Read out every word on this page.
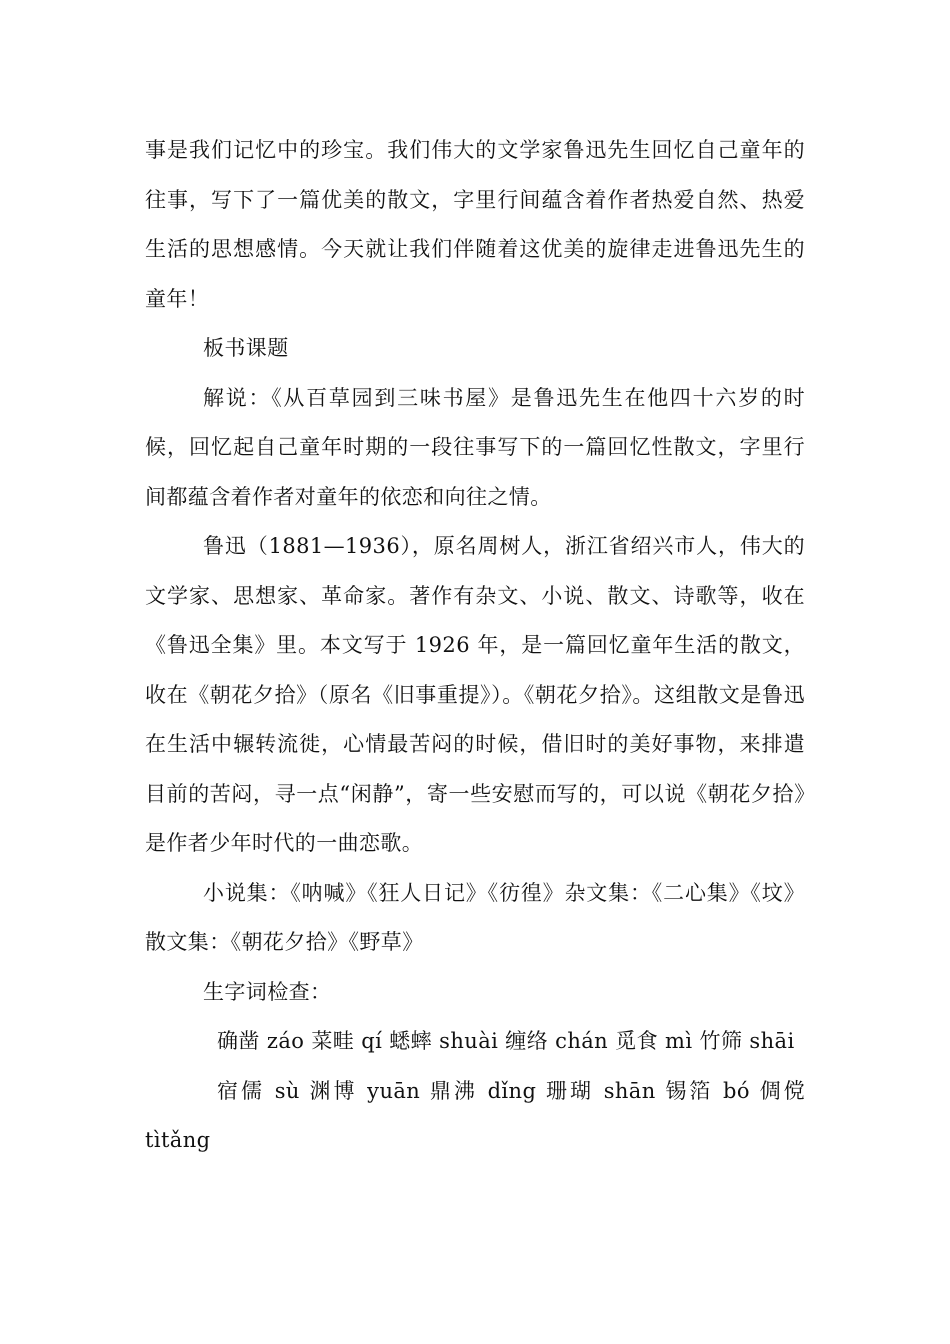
事是我们记忆中的珍宝。我们伟大的文学家鲁迅先生回忆自己童年的往事，写下了一篇优美的散文，字里行间蕴含着作者热爱自然、热爱生活的思想感情。今天就让我们伴随着这优美的旋律走进鲁迅先生的童年！

板书课题

解说：《从百草园到三味书屋》是鲁迅先生在他四十六岁的时候，回忆起自己童年时期的一段往事写下的一篇回忆性散文，字里行间都蕴含着作者对童年的依恋和向往之情。

鲁迅（1881—1936），原名周树人，浙江省绍兴市人，伟大的文学家、思想家、革命家。著作有杂文、小说、散文、诗歌等，收在《鲁迅全集》里。本文写于 1926 年，是一篇回忆童年生活的散文，收在《朝花夕拾》（原名《旧事重提》）。《朝花夕拾》。这组散文是鲁迅在生活中辗转流徙，心情最苦闷的时候，借旧时的美好事物，来排遣目前的苦闷，寻一点“闲静”，寄一些安慰而写的，可以说《朝花夕拾》是作者少年时代的一曲恋歌。

小说集：《呐喊》《狂人日记》《彷徨》杂文集：《二心集》《坟》散文集：《朝花夕拾》《野草》

生字词检查：

确凿 záo 菜畦 qí 蟋蟀 shuài 缠络 chán 觅食 mì 竹筛 shāi

宿儒 sù 渊博 yuān 鼎沸 dǐng 珊瑚 shān 锡箔 bó 倜傥 tìtǎng
